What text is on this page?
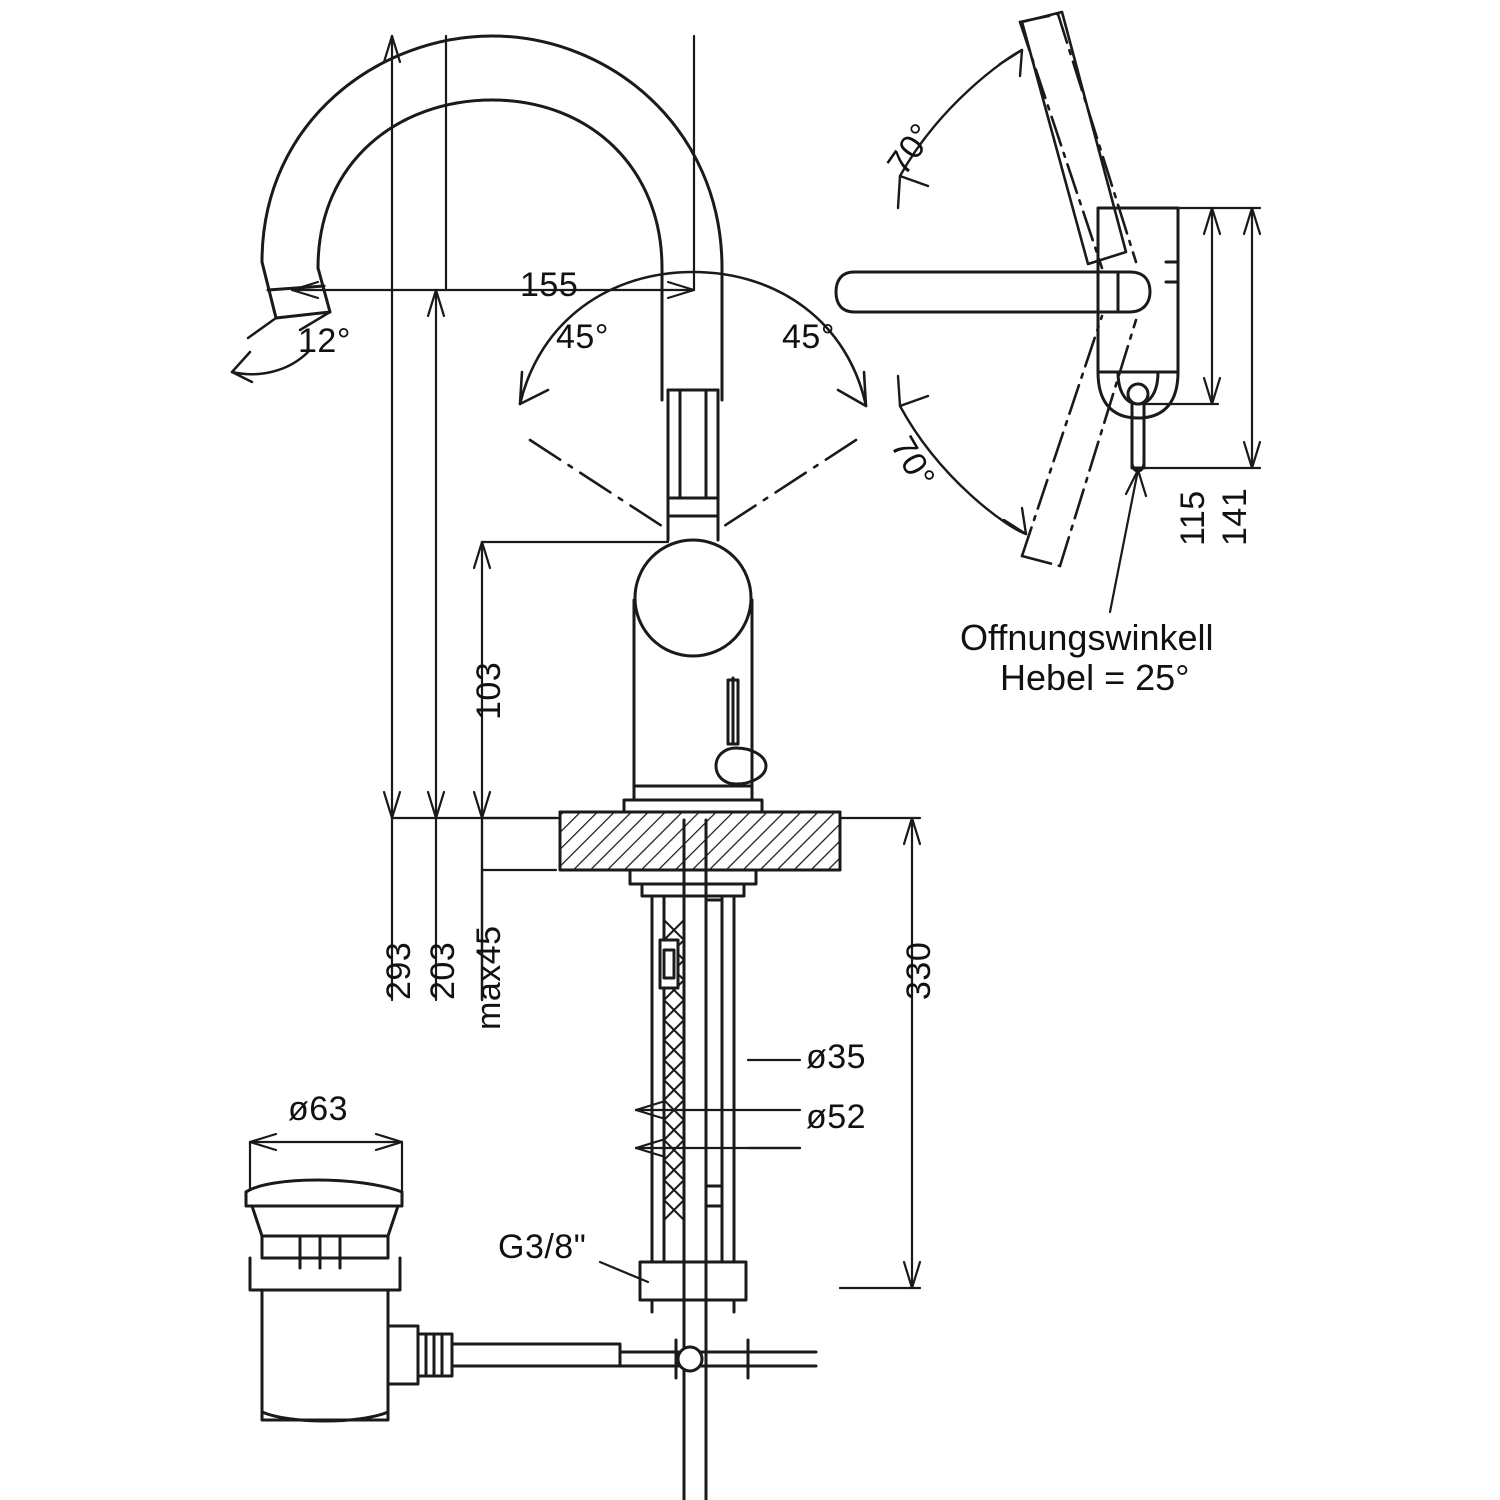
155
12°	45°	45°
103
293 203 max45	330
ø35
ø52
ø63
G3/8"
115 141
70°
70°
Offnungswinkell
Hebel = 25°
